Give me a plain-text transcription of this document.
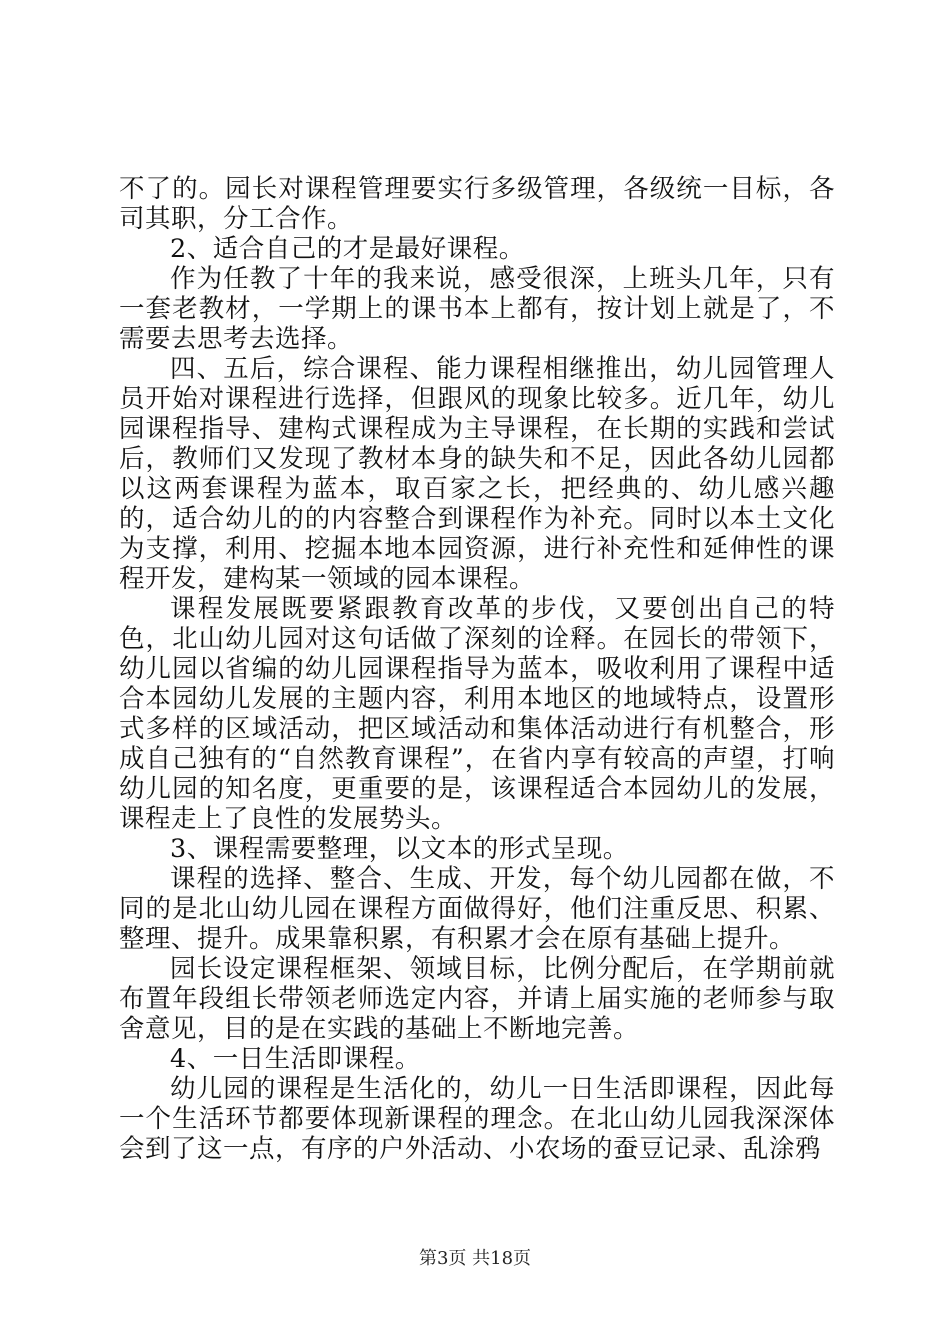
不了的。园长对课程管理要实行多级管理，各级统一目标，各司其职，分工合作。

2、适合自己的才是最好课程。

作为任教了十年的我来说，感受很深，上班头几年，只有一套老教材，一学期上的课书本上都有，按计划上就是了，不需要去思考去选择。

四、五后，综合课程、能力课程相继推出，幼儿园管理人员开始对课程进行选择，但跟风的现象比较多。近几年，幼儿园课程指导、建构式课程成为主导课程，在长期的实践和尝试后，教师们又发现了教材本身的缺失和不足，因此各幼儿园都以这两套课程为蓝本，取百家之长，把经典的、幼儿感兴趣的，适合幼儿的的内容整合到课程作为补充。同时以本土文化为支撑，利用、挖掘本地本园资源，进行补充性和延伸性的课程开发，建构某一领域的园本课程。

课程发展既要紧跟教育改革的步伐，又要创出自己的特色，北山幼儿园对这句话做了深刻的诠释。在园长的带领下，幼儿园以省编的幼儿园课程指导为蓝本，吸收利用了课程中适合本园幼儿发展的主题内容，利用本地区的地域特点，设置形式多样的区域活动，把区域活动和集体活动进行有机整合，形成自己独有的“自然教育课程”，在省内享有较高的声望，打响幼儿园的知名度，更重要的是，该课程适合本园幼儿的发展，课程走上了良性的发展势头。

3、课程需要整理，以文本的形式呈现。

课程的选择、整合、生成、开发，每个幼儿园都在做，不同的是北山幼儿园在课程方面做得好，他们注重反思、积累、整理、提升。成果靠积累，有积累才会在原有基础上提升。

园长设定课程框架、领域目标，比例分配后，在学期前就布置年段组长带领老师选定内容，并请上届实施的老师参与取舍意见，目的是在实践的基础上不断地完善。

4、一日生活即课程。

幼儿园的课程是生活化的，幼儿一日生活即课程，因此每一个生活环节都要体现新课程的理念。在北山幼儿园我深深体会到了这一点，有序的户外活动、小农场的蚕豆记录、乱涂鸦

第3页 共18页
